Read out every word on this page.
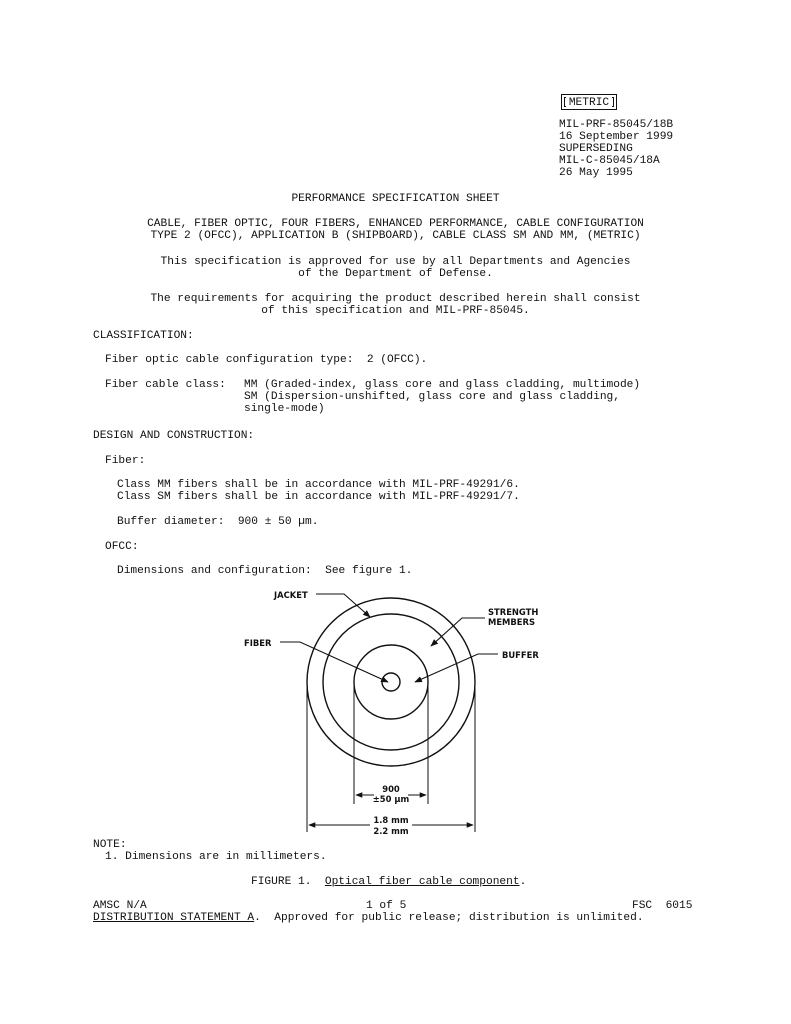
METRIC
MIL-PRF-85045/18B
16 September 1999
SUPERSEDING
MIL-C-85045/18A
26 May 1995
PERFORMANCE SPECIFICATION SHEET
CABLE, FIBER OPTIC, FOUR FIBERS, ENHANCED PERFORMANCE, CABLE CONFIGURATION
TYPE 2 (OFCC), APPLICATION B (SHIPBOARD), CABLE CLASS SM AND MM, (METRIC)
This specification is approved for use by all Departments and Agencies
of the Department of Defense.
The requirements for acquiring the product described herein shall consist
of this specification and MIL-PRF-85045.
CLASSIFICATION:
Fiber optic cable configuration type:  2 (OFCC).
Fiber cable class: MM (Graded-index, glass core and glass cladding, multimode)
SM (Dispersion-unshifted, glass core and glass cladding,
single-mode)
DESIGN AND CONSTRUCTION:
Fiber:
Class MM fibers shall be in accordance with MIL-PRF-49291/6.
Class SM fibers shall be in accordance with MIL-PRF-49291/7.
Buffer diameter:  900 ± 50 µm.
OFCC:
Dimensions and configuration:  See figure 1.
JACKET
STRENGTH
MEMBERS
FIBER
BUFFER
900
±50 µm
1.8 mm
2.2 mm
NOTE:
1. Dimensions are in millimeters.
FIGURE 1.  Optical fiber cable component.
AMSC N/A	1 of 5	FSC  6015
DISTRIBUTION STATEMENT A.  Approved for public release; distribution is unlimited.
